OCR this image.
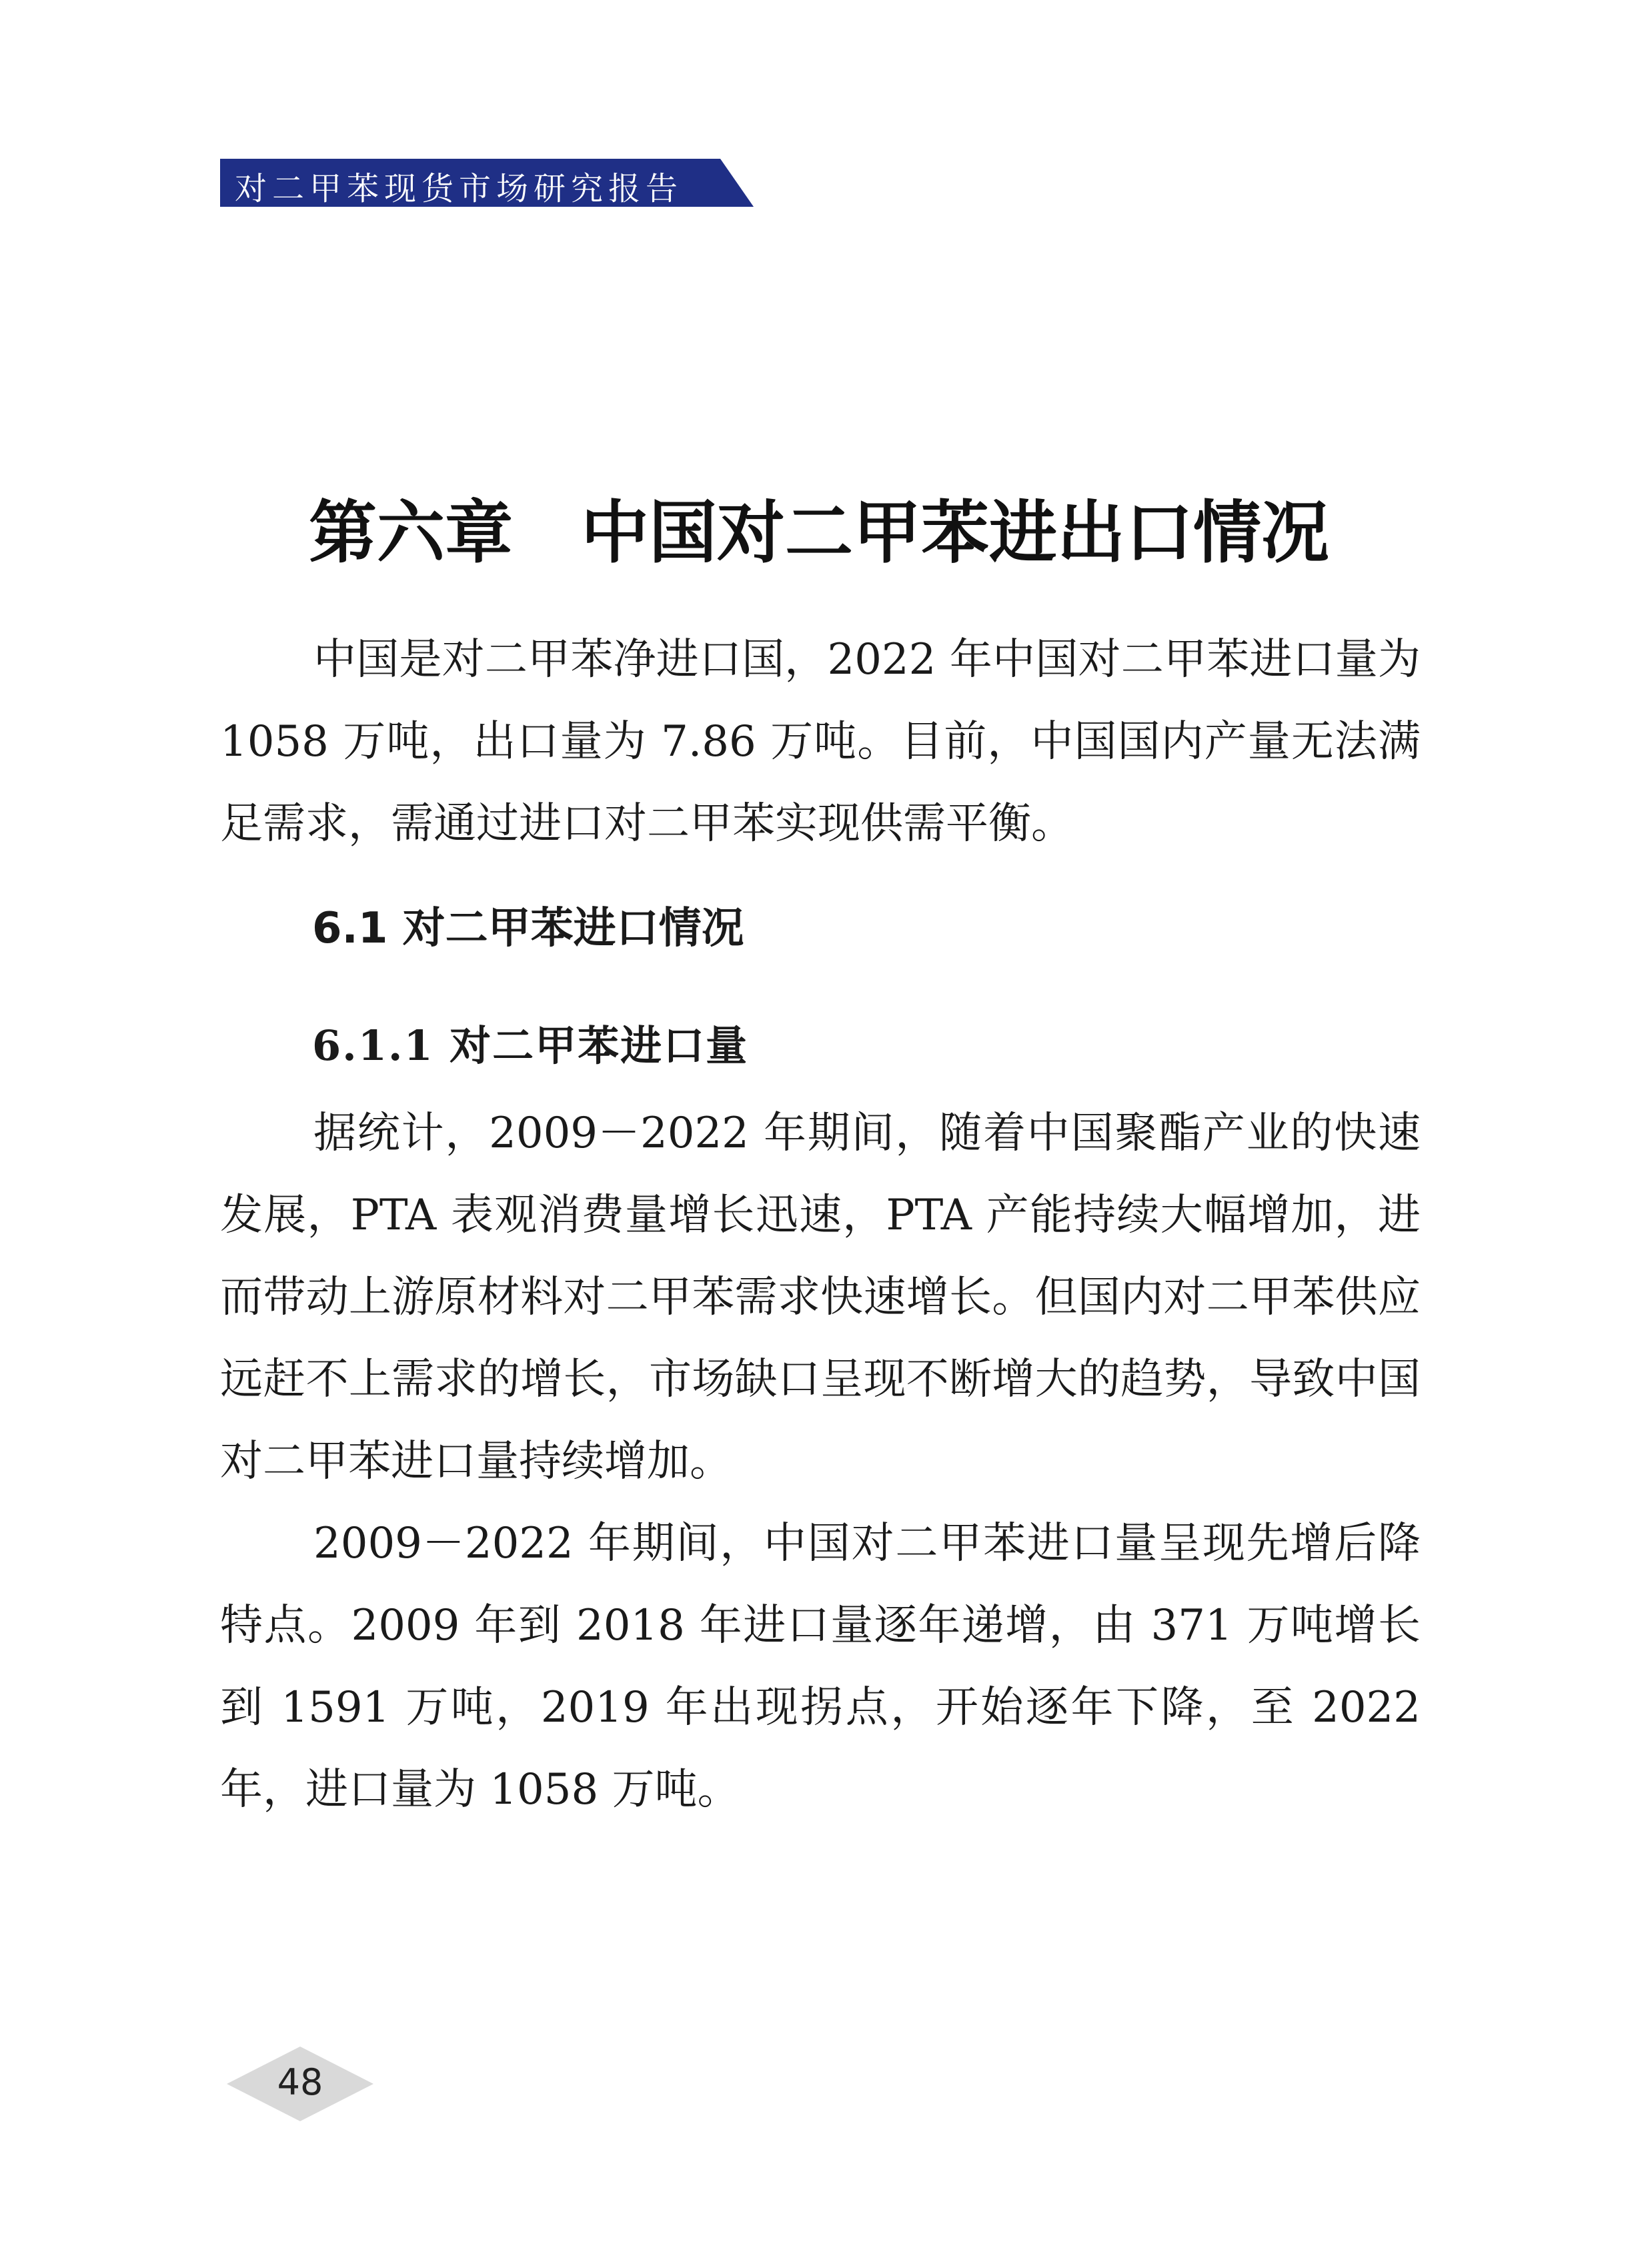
对二甲苯现货市场研究报告
第六章　中国对二甲苯进出口情况

中国是对二甲苯净进口国，2022 年中国对二甲苯进口量为 1058 万吨，出口量为 7.86 万吨。目前，中国国内产量无法满足需求，需通过进口对二甲苯实现供需平衡。

6.1 对二甲苯进口情况
6.1.1 对二甲苯进口量

据统计，2009－2022 年期间，随着中国聚酯产业的快速发展，PTA 表观消费量增长迅速，PTA 产能持续大幅增加，进而带动上游原材料对二甲苯需求快速增长。但国内对二甲苯供应远赶不上需求的增长，市场缺口呈现不断增大的趋势，导致中国对二甲苯进口量持续增加。

2009－2022 年期间，中国对二甲苯进口量呈现先增后降特点。2009 年到 2018 年进口量逐年递增，由 371 万吨增长到 1591 万吨，2019 年出现拐点，开始逐年下降，至 2022 年，进口量为 1058 万吨。

48
